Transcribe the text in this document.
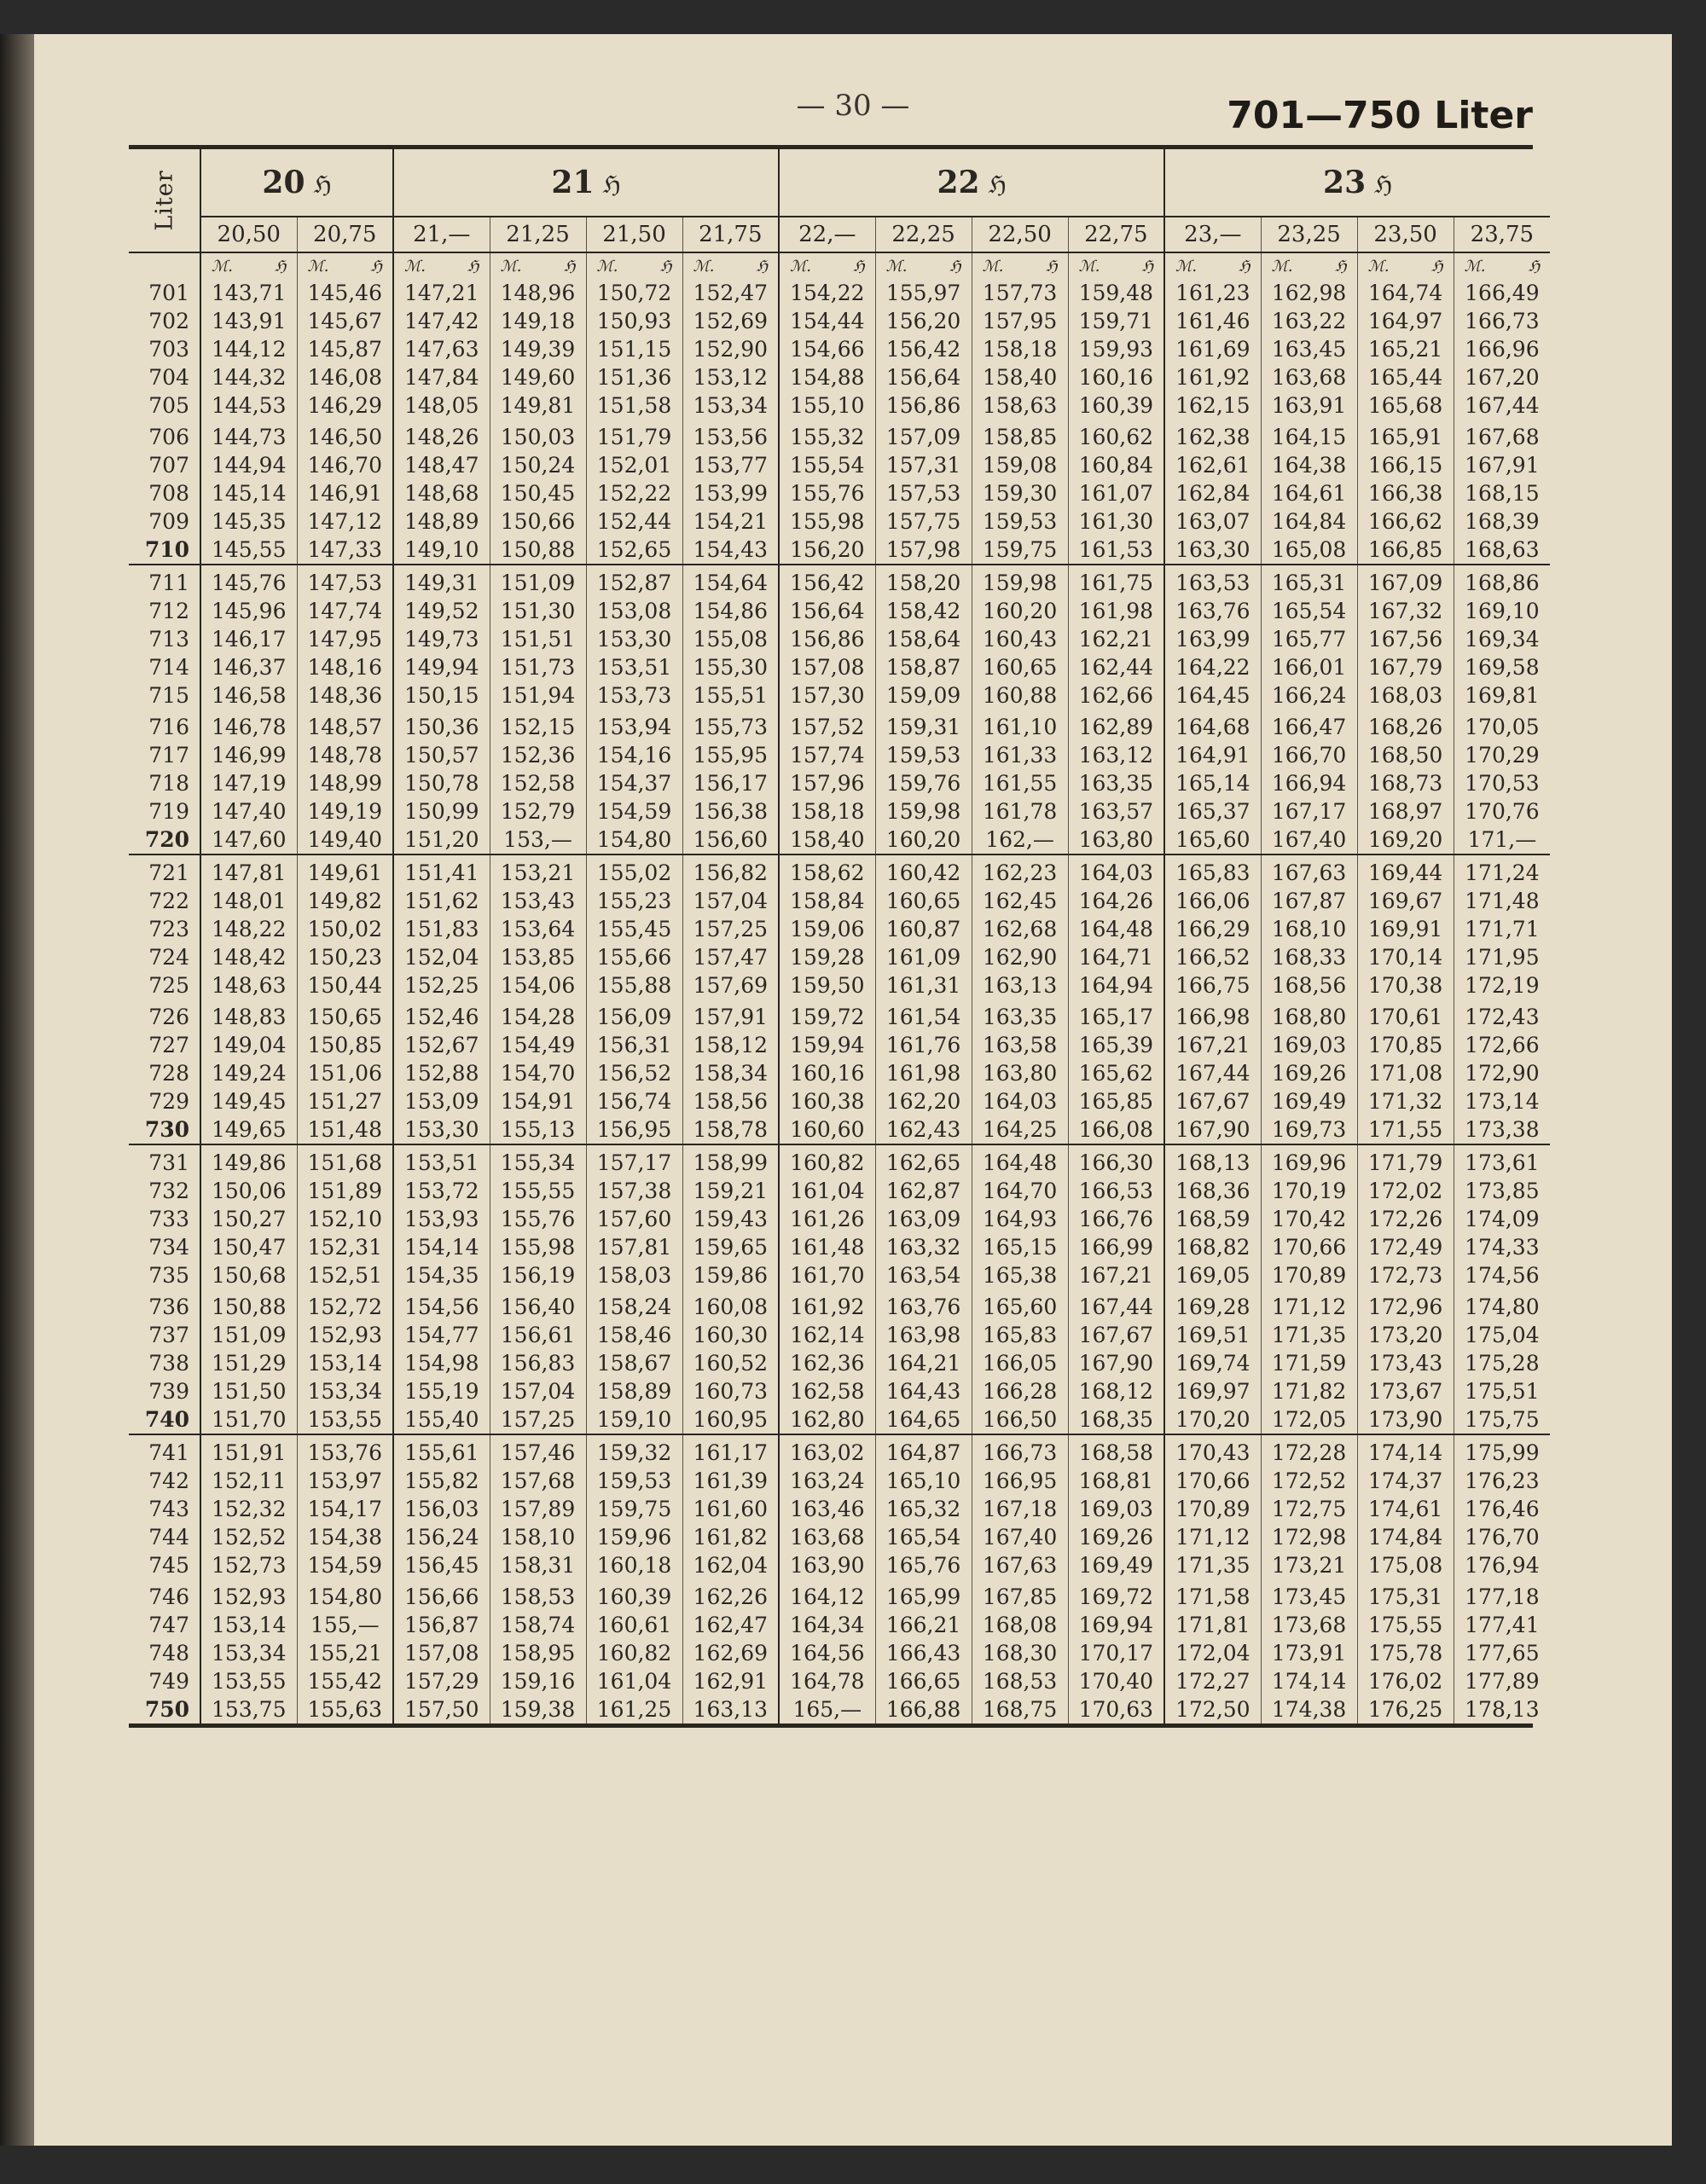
— 30 —	701—750 Liter
Liter	20 ℌ		21 ℌ				22 ℌ				23 ℌ			
	20,50	20,75	21,—	21,25	21,50	21,75	22,—	22,25	22,50	22,75	23,—	23,25	23,50	23,75

	ℳ. ℌ	ℳ. ℌ	ℳ. ℌ	ℳ. ℌ	ℳ. ℌ	ℳ. ℌ	ℳ. ℌ	ℳ. ℌ	ℳ. ℌ	ℳ. ℌ	ℳ. ℌ	ℳ. ℌ	ℳ. ℌ	ℳ. ℌ

701	143,71	145,46	147,21	148,96	150,72	152,47	154,22	155,97	157,73	159,48	161,23	162,98	164,74	166,49
702	143,91	145,67	147,42	149,18	150,93	152,69	154,44	156,20	157,95	159,71	161,46	163,22	164,97	166,73
703	144,12	145,87	147,63	149,39	151,15	152,90	154,66	156,42	158,18	159,93	161,69	163,45	165,21	166,96
704	144,32	146,08	147,84	149,60	151,36	153,12	154,88	156,64	158,40	160,16	161,92	163,68	165,44	167,20
705	144,53	146,29	148,05	149,81	151,58	153,34	155,10	156,86	158,63	160,39	162,15	163,91	165,68	167,44
706	144,73	146,50	148,26	150,03	151,79	153,56	155,32	157,09	158,85	160,62	162,38	164,15	165,91	167,68
707	144,94	146,70	148,47	150,24	152,01	153,77	155,54	157,31	159,08	160,84	162,61	164,38	166,15	167,91
708	145,14	146,91	148,68	150,45	152,22	153,99	155,76	157,53	159,30	161,07	162,84	164,61	166,38	168,15
709	145,35	147,12	148,89	150,66	152,44	154,21	155,98	157,75	159,53	161,30	163,07	164,84	166,62	168,39
710	145,55	147,33	149,10	150,88	152,65	154,43	156,20	157,98	159,75	161,53	163,30	165,08	166,85	168,63
711	145,76	147,53	149,31	151,09	152,87	154,64	156,42	158,20	159,98	161,75	163,53	165,31	167,09	168,86
712	145,96	147,74	149,52	151,30	153,08	154,86	156,64	158,42	160,20	161,98	163,76	165,54	167,32	169,10
713	146,17	147,95	149,73	151,51	153,30	155,08	156,86	158,64	160,43	162,21	163,99	165,77	167,56	169,34
714	146,37	148,16	149,94	151,73	153,51	155,30	157,08	158,87	160,65	162,44	164,22	166,01	167,79	169,58
715	146,58	148,36	150,15	151,94	153,73	155,51	157,30	159,09	160,88	162,66	164,45	166,24	168,03	169,81
716	146,78	148,57	150,36	152,15	153,94	155,73	157,52	159,31	161,10	162,89	164,68	166,47	168,26	170,05
717	146,99	148,78	150,57	152,36	154,16	155,95	157,74	159,53	161,33	163,12	164,91	166,70	168,50	170,29
718	147,19	148,99	150,78	152,58	154,37	156,17	157,96	159,76	161,55	163,35	165,14	166,94	168,73	170,53
719	147,40	149,19	150,99	152,79	154,59	156,38	158,18	159,98	161,78	163,57	165,37	167,17	168,97	170,76
720	147,60	149,40	151,20	153,—	154,80	156,60	158,40	160,20	162,—	163,80	165,60	167,40	169,20	171,—
721	147,81	149,61	151,41	153,21	155,02	156,82	158,62	160,42	162,23	164,03	165,83	167,63	169,44	171,24
722	148,01	149,82	151,62	153,43	155,23	157,04	158,84	160,65	162,45	164,26	166,06	167,87	169,67	171,48
723	148,22	150,02	151,83	153,64	155,45	157,25	159,06	160,87	162,68	164,48	166,29	168,10	169,91	171,71
724	148,42	150,23	152,04	153,85	155,66	157,47	159,28	161,09	162,90	164,71	166,52	168,33	170,14	171,95
725	148,63	150,44	152,25	154,06	155,88	157,69	159,50	161,31	163,13	164,94	166,75	168,56	170,38	172,19
726	148,83	150,65	152,46	154,28	156,09	157,91	159,72	161,54	163,35	165,17	166,98	168,80	170,61	172,43
727	149,04	150,85	152,67	154,49	156,31	158,12	159,94	161,76	163,58	165,39	167,21	169,03	170,85	172,66
728	149,24	151,06	152,88	154,70	156,52	158,34	160,16	161,98	163,80	165,62	167,44	169,26	171,08	172,90
729	149,45	151,27	153,09	154,91	156,74	158,56	160,38	162,20	164,03	165,85	167,67	169,49	171,32	173,14
730	149,65	151,48	153,30	155,13	156,95	158,78	160,60	162,43	164,25	166,08	167,90	169,73	171,55	173,38
731	149,86	151,68	153,51	155,34	157,17	158,99	160,82	162,65	164,48	166,30	168,13	169,96	171,79	173,61
732	150,06	151,89	153,72	155,55	157,38	159,21	161,04	162,87	164,70	166,53	168,36	170,19	172,02	173,85
733	150,27	152,10	153,93	155,76	157,60	159,43	161,26	163,09	164,93	166,76	168,59	170,42	172,26	174,09
734	150,47	152,31	154,14	155,98	157,81	159,65	161,48	163,32	165,15	166,99	168,82	170,66	172,49	174,33
735	150,68	152,51	154,35	156,19	158,03	159,86	161,70	163,54	165,38	167,21	169,05	170,89	172,73	174,56
736	150,88	152,72	154,56	156,40	158,24	160,08	161,92	163,76	165,60	167,44	169,28	171,12	172,96	174,80
737	151,09	152,93	154,77	156,61	158,46	160,30	162,14	163,98	165,83	167,67	169,51	171,35	173,20	175,04
738	151,29	153,14	154,98	156,83	158,67	160,52	162,36	164,21	166,05	167,90	169,74	171,59	173,43	175,28
739	151,50	153,34	155,19	157,04	158,89	160,73	162,58	164,43	166,28	168,12	169,97	171,82	173,67	175,51
740	151,70	153,55	155,40	157,25	159,10	160,95	162,80	164,65	166,50	168,35	170,20	172,05	173,90	175,75
741	151,91	153,76	155,61	157,46	159,32	161,17	163,02	164,87	166,73	168,58	170,43	172,28	174,14	175,99
742	152,11	153,97	155,82	157,68	159,53	161,39	163,24	165,10	166,95	168,81	170,66	172,52	174,37	176,23
743	152,32	154,17	156,03	157,89	159,75	161,60	163,46	165,32	167,18	169,03	170,89	172,75	174,61	176,46
744	152,52	154,38	156,24	158,10	159,96	161,82	163,68	165,54	167,40	169,26	171,12	172,98	174,84	176,70
745	152,73	154,59	156,45	158,31	160,18	162,04	163,90	165,76	167,63	169,49	171,35	173,21	175,08	176,94
746	152,93	154,80	156,66	158,53	160,39	162,26	164,12	165,99	167,85	169,72	171,58	173,45	175,31	177,18
747	153,14	155,—	156,87	158,74	160,61	162,47	164,34	166,21	168,08	169,94	171,81	173,68	175,55	177,41
748	153,34	155,21	157,08	158,95	160,82	162,69	164,56	166,43	168,30	170,17	172,04	173,91	175,78	177,65
749	153,55	155,42	157,29	159,16	161,04	162,91	164,78	166,65	168,53	170,40	172,27	174,14	176,02	177,89
750	153,75	155,63	157,50	159,38	161,25	163,13	165,—	166,88	168,75	170,63	172,50	174,38	176,25	178,13
